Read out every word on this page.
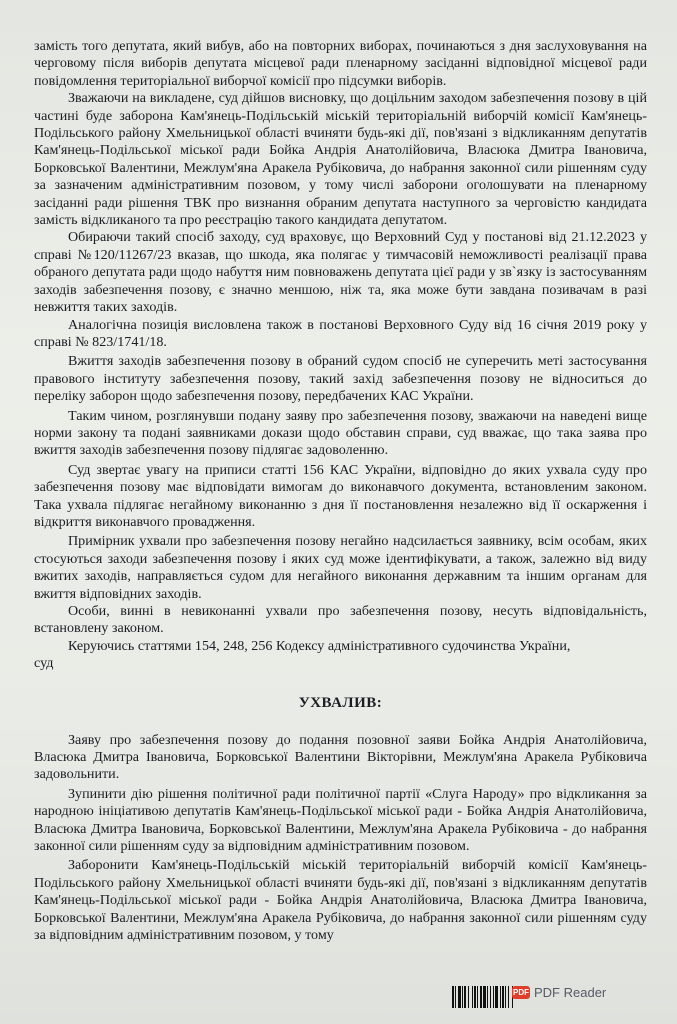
замість того депутата, який вибув, або на повторних виборах, починаються з дня заслуховування на черговому після виборів депутата місцевої ради пленарному засіданні відповідної місцевої ради повідомлення територіальної виборчої комісії про підсумки виборів.

Зважаючи на викладене, суд дійшов висновку, що доцільним заходом забезпечення позову в цій частині буде заборона Кам'янець-Подільській міській територіальній виборчій комісії Кам'янець-Подільського району Хмельницької області вчиняти будь-які дії, пов'язані з відкликанням депутатів Кам'янець-Подільської міської ради Бойка Андрія Анатолійовича, Власюка Дмитра Івановича, Борковської Валентини, Межлум'яна Аракела Рубіковича, до набрання законної сили рішенням суду за зазначеним адміністративним позовом, у тому числі заборони оголошувати на пленарному засіданні ради рішення ТВК про визнання обраним депутата наступного за черговістю кандидата замість відкликаного та про реєстрацію такого кандидата депутатом.

Обираючи такий спосіб заходу, суд враховує, що Верховний Суд у постанові від 21.12.2023 у справі №120/11267/23 вказав, що шкода, яка полягає у тимчасовій неможливості реалізації права обраного депутата ради щодо набуття ним повноважень депутата цієї ради у зв`язку із застосуванням заходів забезпечення позову, є значно меншою, ніж та, яка може бути завдана позивачам в разі невжиття таких заходів.

Аналогічна позиція висловлена також в постанові Верховного Суду від 16 січня 2019 року у справі № 823/1741/18.

Вжиття заходів забезпечення позову в обраний судом спосіб не суперечить меті застосування правового інституту забезпечення позову, такий захід забезпечення позову не відноситься до переліку заборон щодо забезпечення позову, передбачених КАС України.

Таким чином, розглянувши подану заяву про забезпечення позову, зважаючи на наведені вище норми закону та подані заявниками докази щодо обставин справи, суд вважає, що така заява про вжиття заходів забезпечення позову підлягає задоволенню.

Суд звертає увагу на приписи статті 156 КАС України, відповідно до яких ухвала суду про забезпечення позову має відповідати вимогам до виконавчого документа, встановленим законом. Така ухвала підлягає негайному виконанню з дня її постановлення незалежно від її оскарження і відкриття виконавчого провадження.

Примірник ухвали про забезпечення позову негайно надсилається заявнику, всім особам, яких стосуються заходи забезпечення позову і яких суд може ідентифікувати, а також, залежно від виду вжитих заходів, направляється судом для негайного виконання державним та іншим органам для вжиття відповідних заходів.

Особи, винні в невиконанні ухвали про забезпечення позову, несуть відповідальність, встановлену законом.

Керуючись статтями 154, 248, 256 Кодексу адміністративного судочинства України,

суд

УХВАЛИВ:

Заяву про забезпечення позову до подання позовної заяви Бойка Андрія Анатолійовича, Власюка Дмитра Івановича, Борковської Валентини Вікторівни, Межлум'яна Аракела Рубіковича задовольнити.

Зупинити дію рішення політичної ради політичної партії «Слуга Народу» про відкликання за народною ініціативою депутатів Кам'янець-Подільської міської ради - Бойка Андрія Анатолійовича, Власюка Дмитра Івановича, Борковської Валентини, Межлум'яна Аракела Рубіковича - до набрання законної сили рішенням суду за відповідним адміністративним позовом.

Заборонити Кам'янець-Подільській міській територіальній виборчій комісії Кам'янець-Подільського району Хмельницької області вчиняти будь-які дії, пов'язані з відкликанням депутатів Кам'янець-Подільської міської ради - Бойка Андрія Анатолійовича, Власюка Дмитра Івановича, Борковської Валентини, Межлум'яна Аракела Рубіковича, до набрання законної сили рішенням суду за відповідним адміністративним позовом, у тому

PDF PDF Reader
